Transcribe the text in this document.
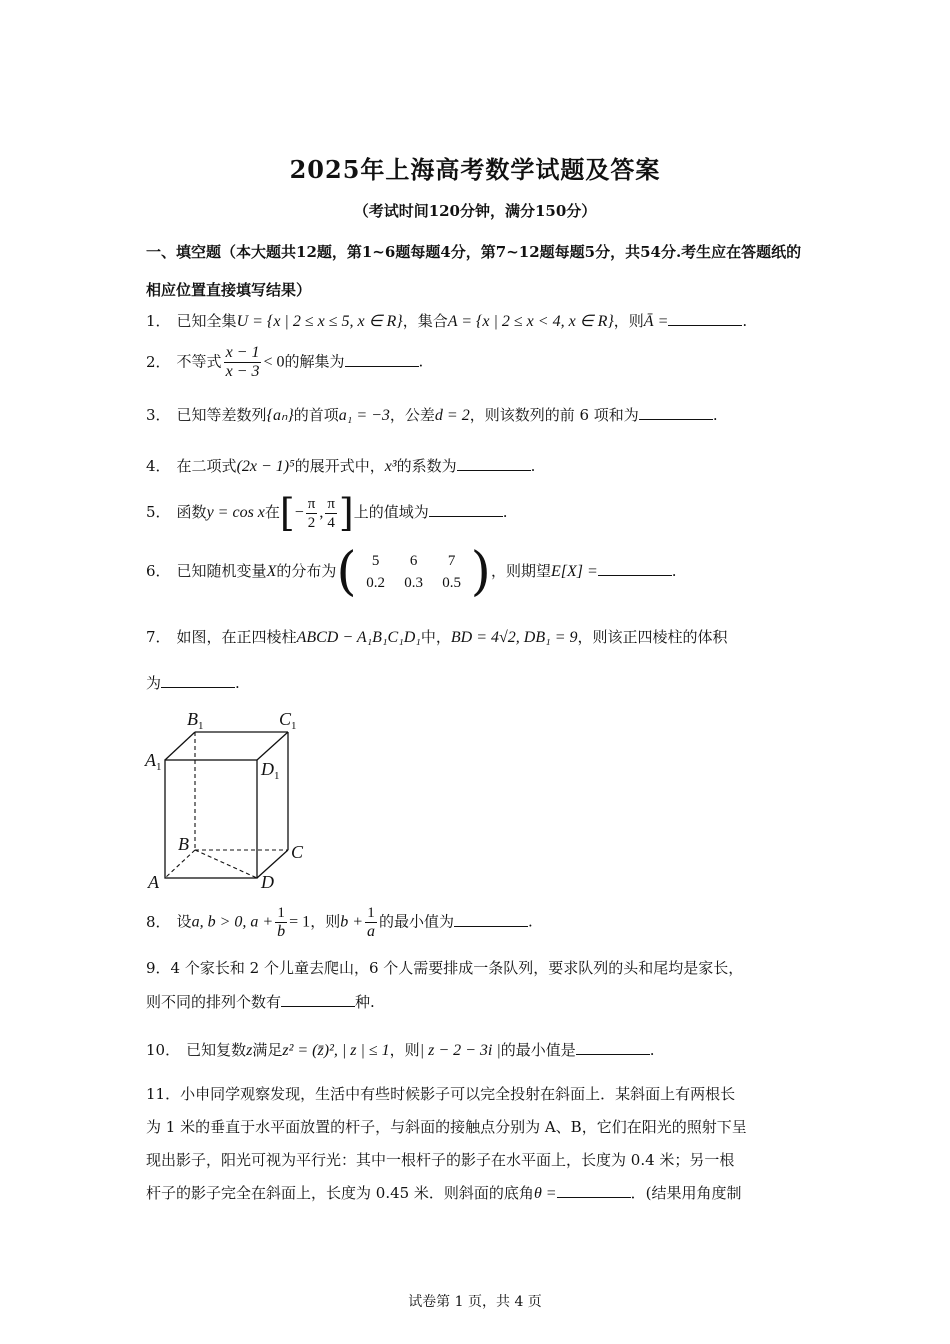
2025年上海高考数学试题及答案
（考试时间120分钟，满分150分）
一、填空题（本大题共12题，第1~6题每题4分，第7~12题每题5分，共54分.考生应在答题纸的相应位置直接填写结果）
1． 已知全集U = {x | 2 ≤ x ≤ 5, x ∈ R}，集合A = {x | 2 ≤ x < 4, x ∈ R}，则Ā =	.
2． 不等式 $\frac{x - 1}{x - 3} < 0$的解集为	.
3． 已知等差数列{aₙ}的首项a₁ = −3，公差d = 2，则该数列的前 6 项和为	.
4． 在二项式(2x − 1)⁵的展开式中，x³的系数为	.
5． 函数y = cos x在[− $\frac{\pi}{2}$ , $\frac{\pi}{4}$ ]上的值域为	.
6． 已知随机变量X的分布为( 5 6 7
0.2 0.3 0.5 )，则期望E[X] =	.
7． 如图，在正四棱柱ABCD − A₁B₁C₁D₁中，BD = 4√2, DB₁ = 9，则该正四棱柱的体积
为	.
$B_1$	$C_1$
$A_1$	$D_1$
B	C
A	D
8． 设a, b > 0, $a + \frac{1}{b} = 1$，则$b + \frac{1}{a}$ 的最小值为	.
9．4 个家长和 2 个儿童去爬山，6 个人需要排成一条队列，要求队列的头和尾均是家长，
则不同的排列个数有	种.
10． 已知复数z满足z² = (z̄)², | z | ≤ 1，则| z − 2 − 3i |的最小值是	.
11．小申同学观察发现，生活中有些时候影子可以完全投射在斜面上．某斜面上有两根长
为 1 米的垂直于水平面放置的杆子，与斜面的接触点分别为 A、B，它们在阳光的照射下呈
现出影子，阳光可视为平行光：其中一根杆子的影子在水平面上，长度为 0.4 米；另一根
杆子的影子完全在斜面上，长度为 0.45 米．则斜面的底角θ =	．(结果用角度制
试卷第 1 页，共 4 页
